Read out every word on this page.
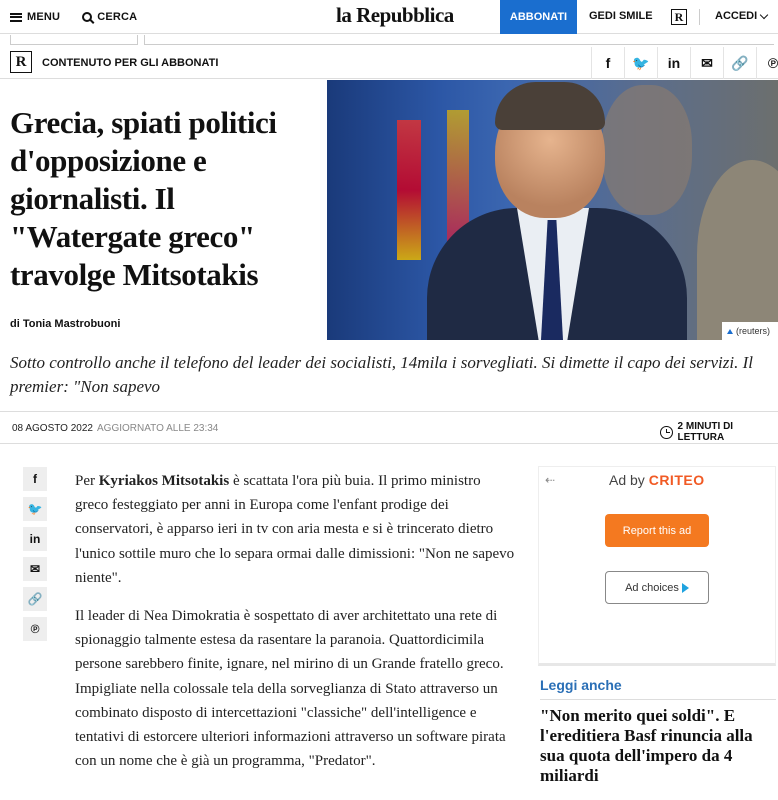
MENU	CERCA	la Repubblica	ABBONATI	GEDI SMILE	R	ACCEDI
R	CONTENUTO PER GLI ABBONATI	f	🐦	in	✉	🔗	℗
Grecia, spiati politici d'opposizione e giornalisti. Il "Watergate greco" travolge Mitsotakis
di Tonia Mastrobuoni
(reuters)

Sotto controllo anche il telefono del leader dei socialisti, 14mila i sorvegliati. Si dimette il capo dei servizi. Il premier: "Non sapevo

08 AGOSTO 2022 AGGIORNATO ALLE 23:34	2 MINUTI DI LETTURA
f
🐦
in
✉
🔗
℗

Per Kyriakos Mitsotakis è scattata l'ora più buia. Il primo ministro greco festeggiato per anni in Europa come l'enfant prodige dei conservatori, è apparso ieri in tv con aria mesta e si è trincerato dietro l'unico sottile muro che lo separa ormai dalle dimissioni: "Non ne sapevo niente".

Il leader di Nea Dimokratia è sospettato di aver architettato una rete di spionaggio talmente estesa da rasentare la paranoia. Quattordicimila persone sarebbero finite, ignare, nel mirino di un Grande fratello greco. Impigliate nella colossale tela della sorveglianza di Stato attraverso un combinato disposto di intercettazioni "classiche" dell'intelligence e tentativi di estorcere ulteriori informazioni attraverso un software pirata con un nome che è già un programma, "Predator".

⇠	Ad by CRITEO
Report this ad
Ad choices
Leggi anche
"Non merito quei soldi". E l'ereditiera Basf rinuncia alla sua quota dell'impero da 4 miliardi
